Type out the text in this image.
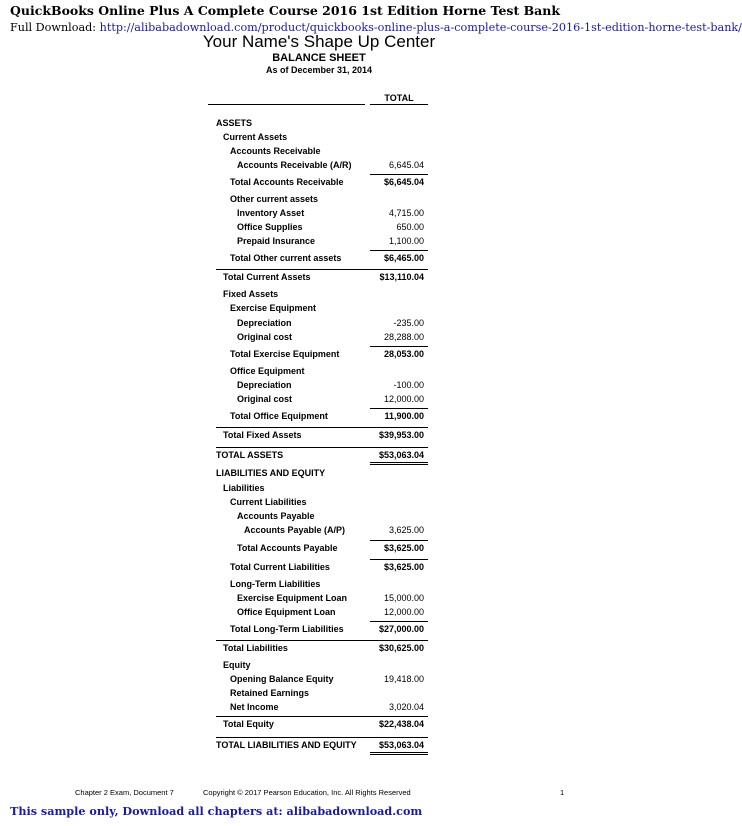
QuickBooks Online Plus A Complete Course 2016 1st Edition Horne Test Bank
Full Download: http://alibabadownload.com/product/quickbooks-online-plus-a-complete-course-2016-1st-edition-horne-test-bank/
Your Name's Shape Up Center
BALANCE SHEET
As of December 31, 2014
TOTAL
ASSETS
Current Assets
Accounts Receivable
Accounts Receivable (A/R)	6,645.04
Total Accounts Receivable	$6,645.04
Other current assets
Inventory Asset	4,715.00
Office Supplies	650.00
Prepaid Insurance	1,100.00
Total Other current assets	$6,465.00
Total Current Assets	$13,110.04
Fixed Assets
Exercise Equipment
Depreciation	-235.00
Original cost	28,288.00
Total Exercise Equipment	28,053.00
Office Equipment
Depreciation	-100.00
Original cost	12,000.00
Total Office Equipment	11,900.00
Total Fixed Assets	$39,953.00
TOTAL ASSETS	$53,063.04
LIABILITIES AND EQUITY
Liabilities
Current Liabilities
Accounts Payable
Accounts Payable (A/P)	3,625.00
Total Accounts Payable	$3,625.00
Total Current Liabilities	$3,625.00
Long-Term Liabilities
Exercise Equipment Loan	15,000.00
Office Equipment Loan	12,000.00
Total Long-Term Liabilities	$27,000.00
Total Liabilities	$30,625.00
Equity
Opening Balance Equity	19,418.00
Retained Earnings
Net Income	3,020.04
Total Equity	$22,438.04
TOTAL LIABILITIES AND EQUITY $53,063.04
Chapter 2 Exam, Document 7	Copyright © 2017 Pearson Education, Inc. All Rights Reserved	1
This sample only, Download all chapters at: alibabadownload.com
